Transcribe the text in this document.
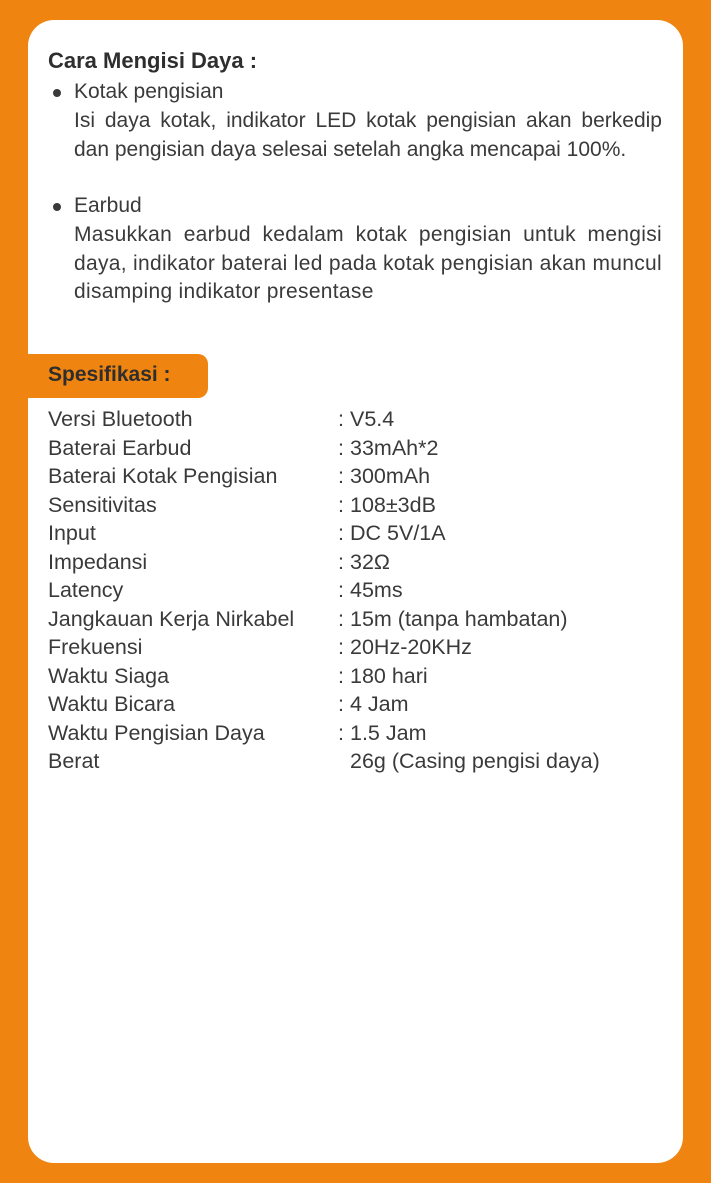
Cara Mengisi Daya :
Kotak pengisian

Isi daya kotak, indikator LED kotak pengisian akan berkedip dan pengisian daya selesai setelah angka mencapai 100%.

Earbud

Masukkan earbud kedalam kotak pengisian untuk mengisi daya, indikator baterai led pada kotak pengisian akan muncul disamping indikator presentase

Spesifikasi :
Versi Bluetooth	:	V5.4
Baterai Earbud	:	33mAh*2
Baterai Kotak Pengisian	:	300mAh
Sensitivitas	:	108±3dB
Input	:	DC 5V/1A
Impedansi	:	32Ω
Latency	:	45ms
Jangkauan Kerja Nirkabel	:	15m (tanpa hambatan)
Frekuensi	:	20Hz-20KHz
Waktu Siaga	:	180 hari
Waktu Bicara	:	4 Jam
Waktu Pengisian Daya	:	1.5 Jam
Berat		26g (Casing pengisi daya)
